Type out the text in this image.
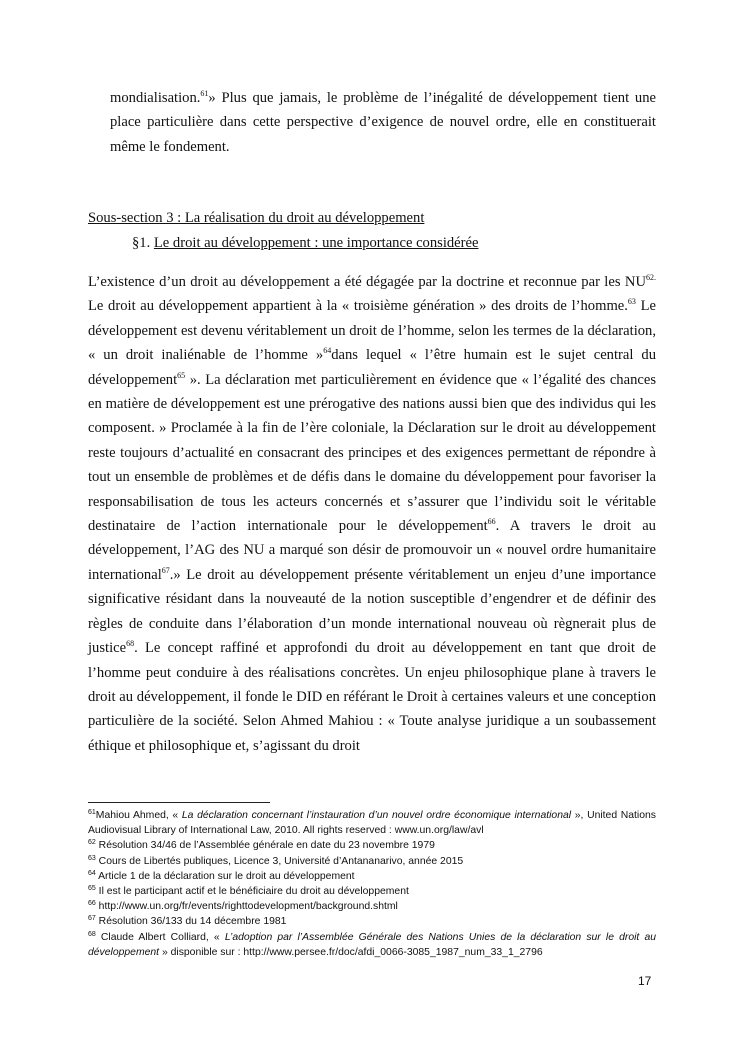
mondialisation.$^{61}$» Plus que jamais, le problème de l’inégalité de développement tient une place particulière dans cette perspective d’exigence de nouvel ordre, elle en constituerait même le fondement.
Sous-section 3 : La réalisation du droit au développement
§1. Le droit au développement : une importance considérée
L’existence d’un droit au développement a été dégagée par la doctrine et reconnue par les $NU^{62.}$ Le droit au développement appartient à la « troisième génération » des droits de l’homme.$^{63}$ Le développement est devenu véritablement un droit de l’homme, selon les termes de la déclaration, « un droit inaliénable de l’homme »$^{64}$dans lequel « l’être humain est le sujet central du développement$^{65}$ ». La déclaration met particulièrement en évidence que « l’égalité des chances en matière de développement est une prérogative des nations aussi bien que des individus qui les composent. » Proclamée à la fin de l’ère coloniale, la Déclaration sur le droit au développement reste toujours d’actualité en consacrant des principes et des exigences permettant de répondre à tout un ensemble de problèmes et de défis dans le domaine du développement pour favoriser la responsabilisation de tous les acteurs concernés et s’assurer que l’individu soit le véritable destinataire de l’action internationale pour le développement$^{66}$. A travers le droit au développement, l’AG des NU a marqué son désir de promouvoir un « nouvel ordre humanitaire international$^{67}$.» Le droit au développement présente véritablement un enjeu d’une importance significative résidant dans la nouveauté de la notion susceptible d’engendrer et de définir des règles de conduite dans l’élaboration d’un monde international nouveau où règnerait plus de justice$^{68}$. Le concept raffiné et approfondi du droit au développement en tant que droit de l’homme peut conduire à des réalisations concrètes. Un enjeu philosophique plane à travers le droit au développement, il fonde le DID en référant le Droit à certaines valeurs et une conception particulière de la société. Selon Ahmed Mahiou : « Toute analyse juridique a un soubassement éthique et philosophique et, s’agissant du droit
$^{61}$Mahiou Ahmed, « La déclaration concernant l’instauration d’un nouvel ordre économique international », United Nations Audiovisual Library of International Law, 2010. All rights reserved : www.un.org/law/avl
$^{62}$ Résolution 34/46 de l’Assemblée générale en date du 23 novembre 1979
$^{63}$ Cours de Libertés publiques, Licence 3, Université d’Antananarivo, année 2015
$^{64}$ Article 1 de la déclaration sur le droit au développement
$^{65}$ Il est le participant actif et le bénéficiaire du droit au développement
$^{66}$ http://www.un.org/fr/events/righttodevelopment/background.shtml
$^{67}$ Résolution 36/133 du 14 décembre 1981
$^{68}$ Claude Albert Colliard, « L’adoption par l’Assemblée Générale des Nations Unies de la déclaration sur le droit au développement » disponible sur : http://www.persee.fr/doc/afdi_0066-3085_1987_num_33_1_2796
17
